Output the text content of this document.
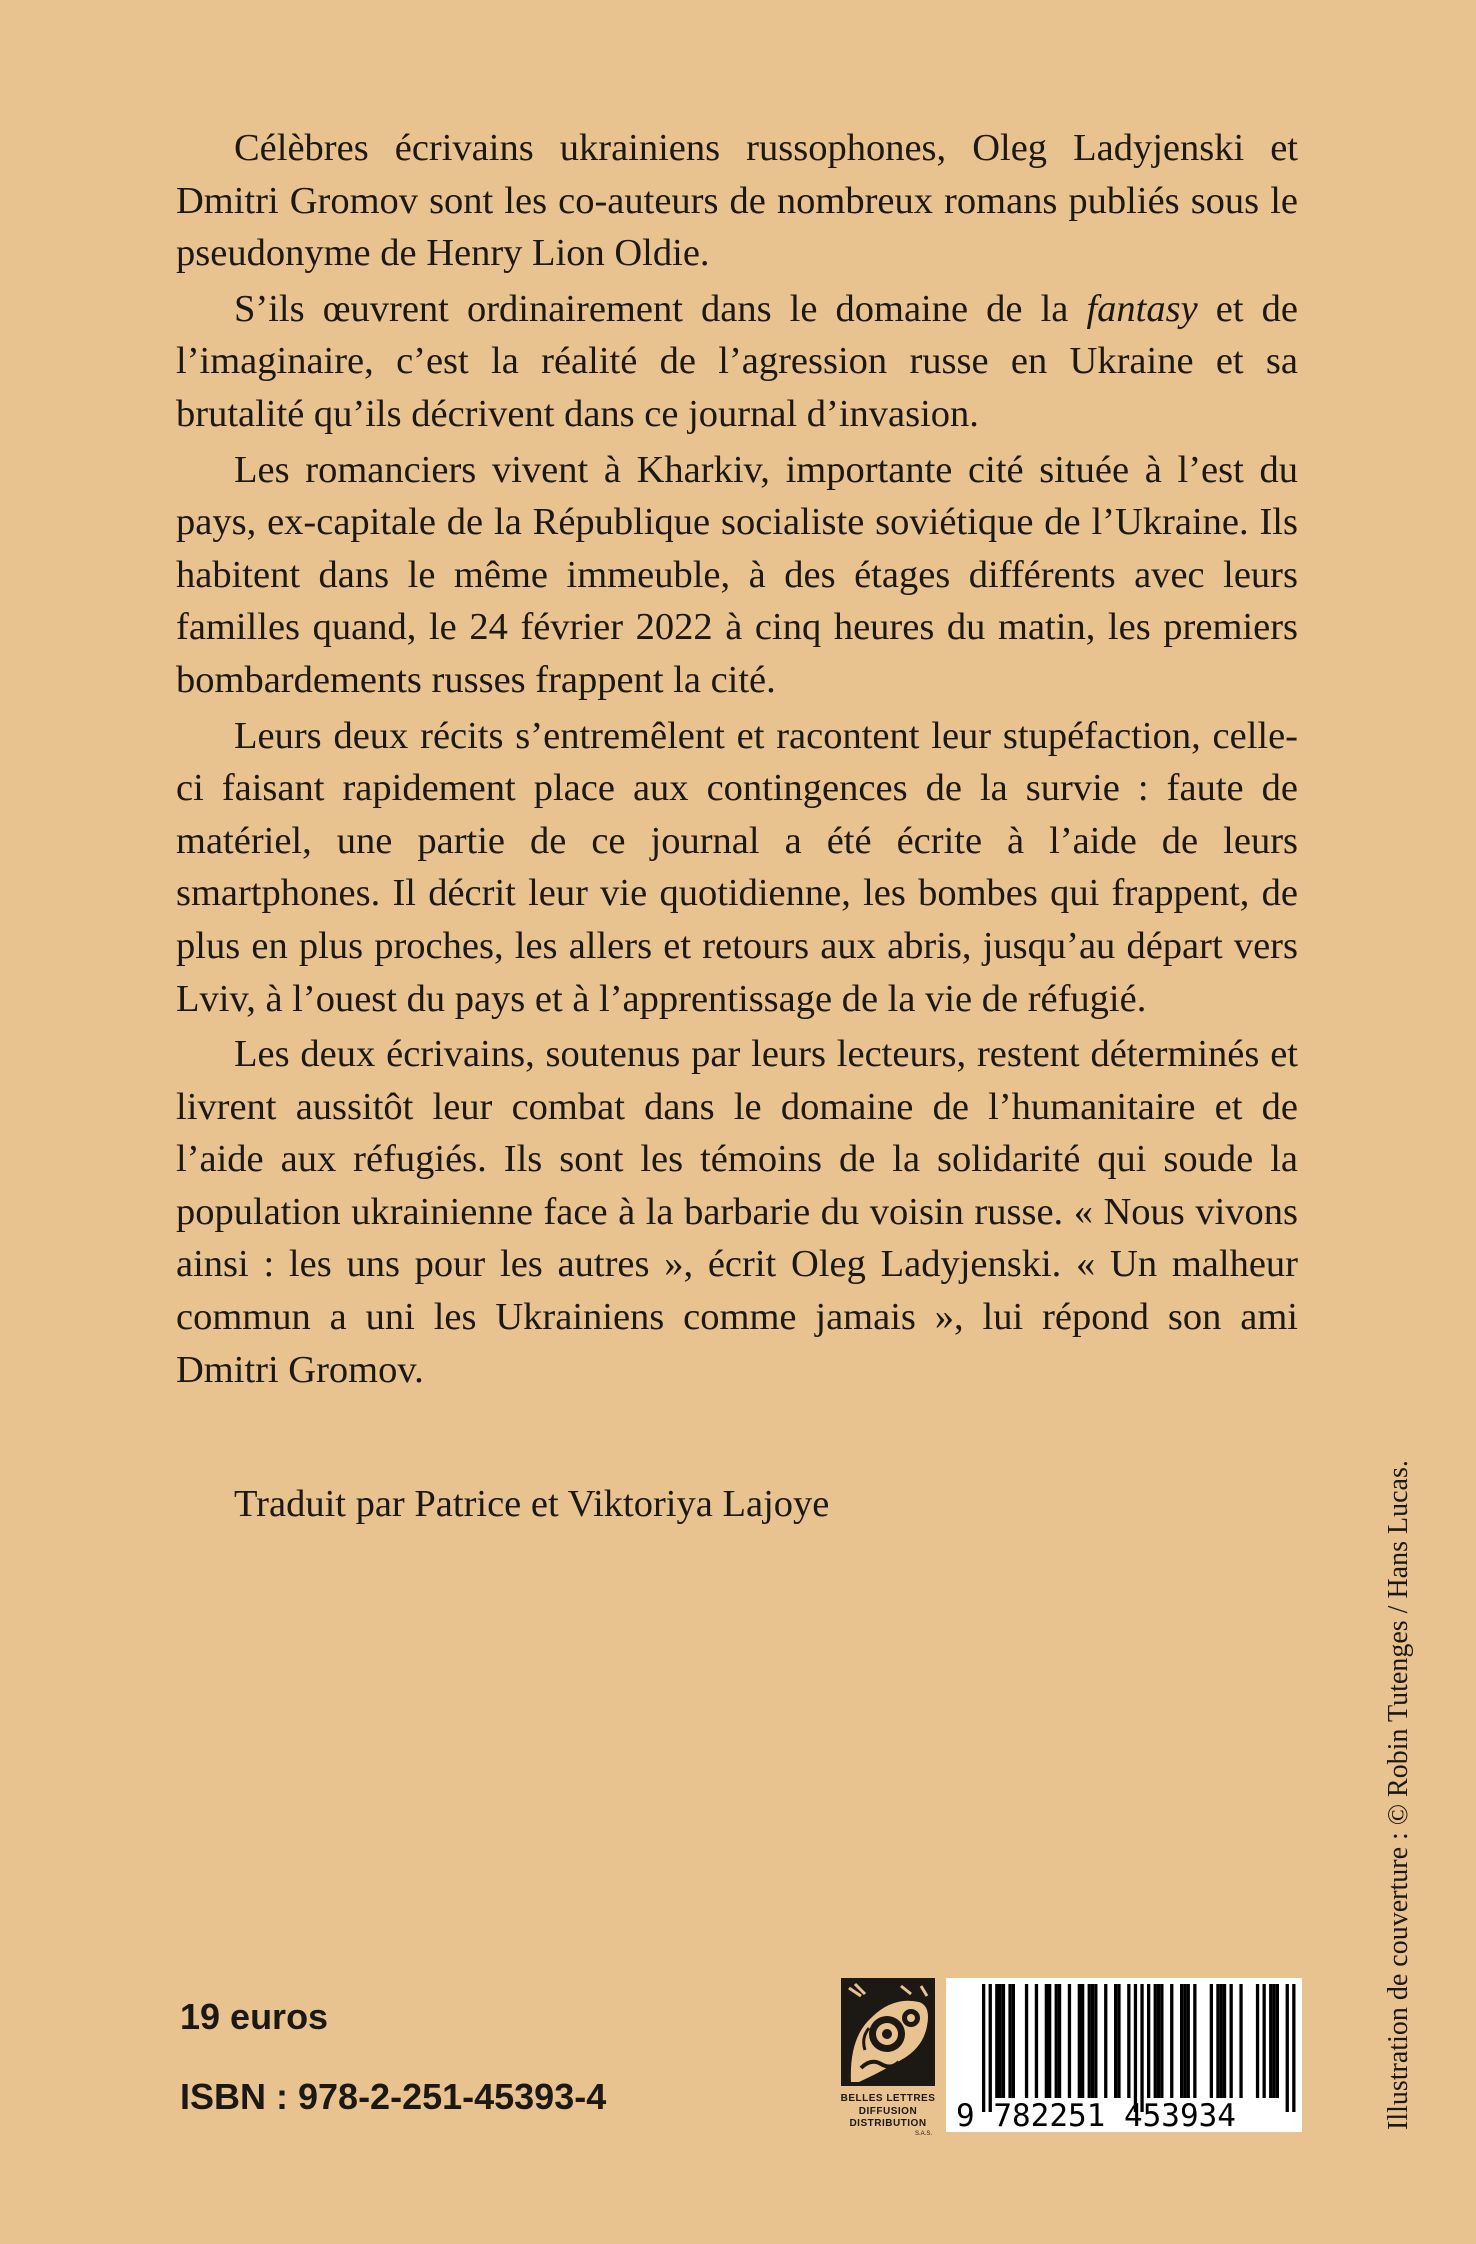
Célèbres écrivains ukrainiens russophones, Oleg Ladyjenski et Dmitri Gromov sont les co-auteurs de nombreux romans publiés sous le pseudonyme de Henry Lion Oldie.

S’ils œuvrent ordinairement dans le domaine de la fantasy et de l’imaginaire, c’est la réalité de l’agression russe en Ukraine et sa brutalité qu’ils décrivent dans ce journal d’invasion.

Les romanciers vivent à Kharkiv, importante cité située à l’est du pays, ex-capitale de la République socialiste soviétique de l’Ukraine. Ils habitent dans le même immeuble, à des étages différents avec leurs familles quand, le 24 février 2022 à cinq heures du matin, les premiers bombardements russes frappent la cité.

Leurs deux récits s’entremêlent et racontent leur stupéfaction, celle-ci faisant rapidement place aux contingences de la survie : faute de matériel, une partie de ce journal a été écrite à l’aide de leurs smartphones. Il décrit leur vie quotidienne, les bombes qui frappent, de plus en plus proches, les allers et retours aux abris, jusqu’au départ vers Lviv, à l’ouest du pays et à l’apprentissage de la vie de réfugié.

Les deux écrivains, soutenus par leurs lecteurs, restent déterminés et livrent aussitôt leur combat dans le domaine de l’humanitaire et de l’aide aux réfugiés. Ils sont les témoins de la solidarité qui soude la population ukrainienne face à la barbarie du voisin russe. « Nous vivons ainsi : les uns pour les autres », écrit Oleg Ladyjenski. « Un malheur commun a uni les Ukrainiens comme jamais », lui répond son ami Dmitri Gromov.

Traduit par Patrice et Viktoriya Lajoye

19 euros

ISBN : 978-2-251-45393-4	BELLES LETTRES
DIFFUSION
DISTRIBUTION
S.A.S. 9 782251 453934	Illustration de couverture : © Robin Tutenges / Hans Lucas.
